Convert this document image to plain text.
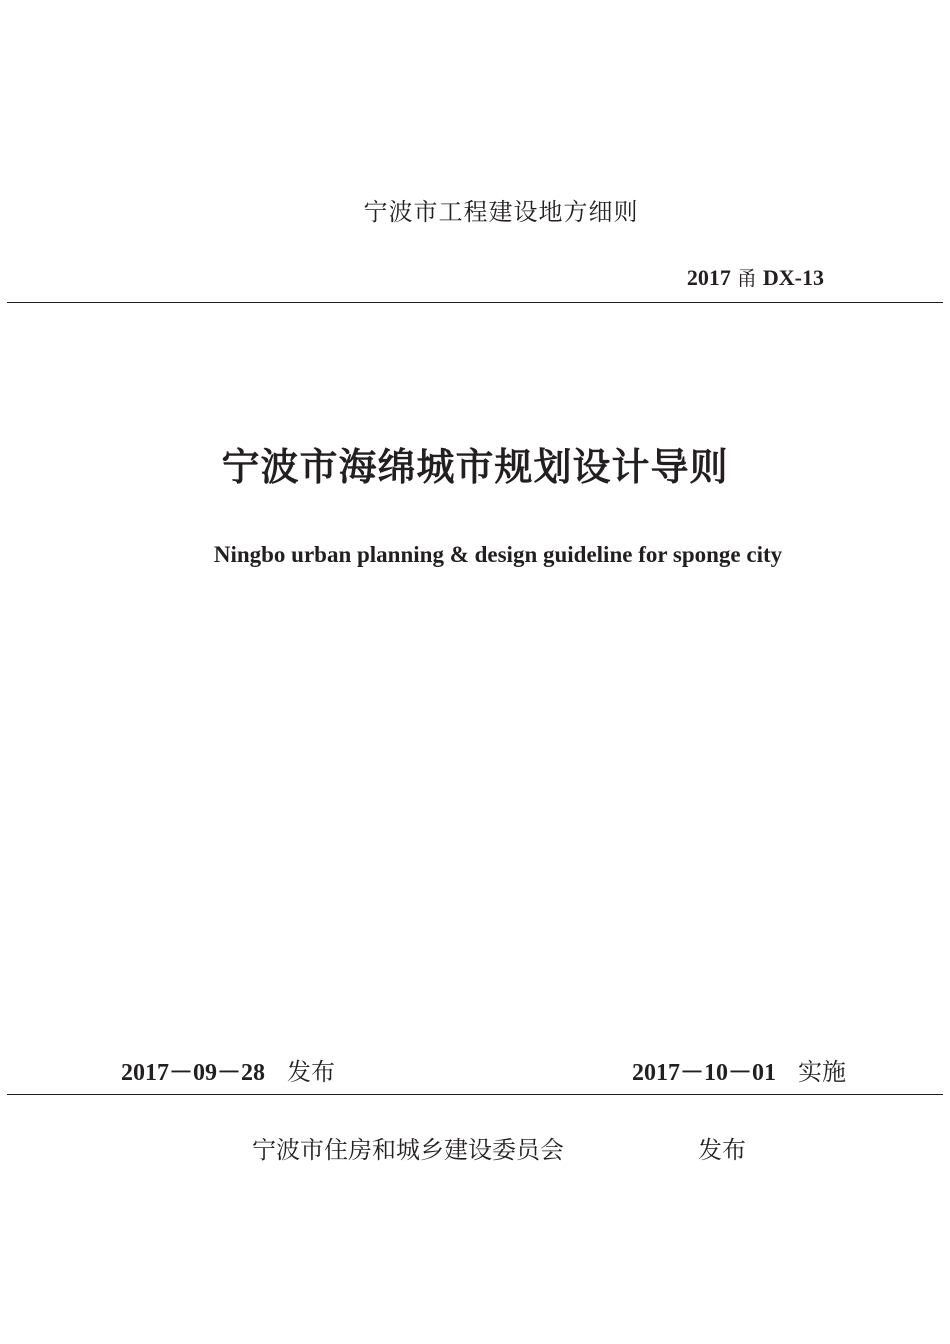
宁波市工程建设地方细则
2017 甬 DX-13
宁波市海绵城市规划设计导则
Ningbo urban planning & design guideline for sponge city
2017－09－28 发布	2017－10－01 实施
宁波市住房和城乡建设委员会	发布
